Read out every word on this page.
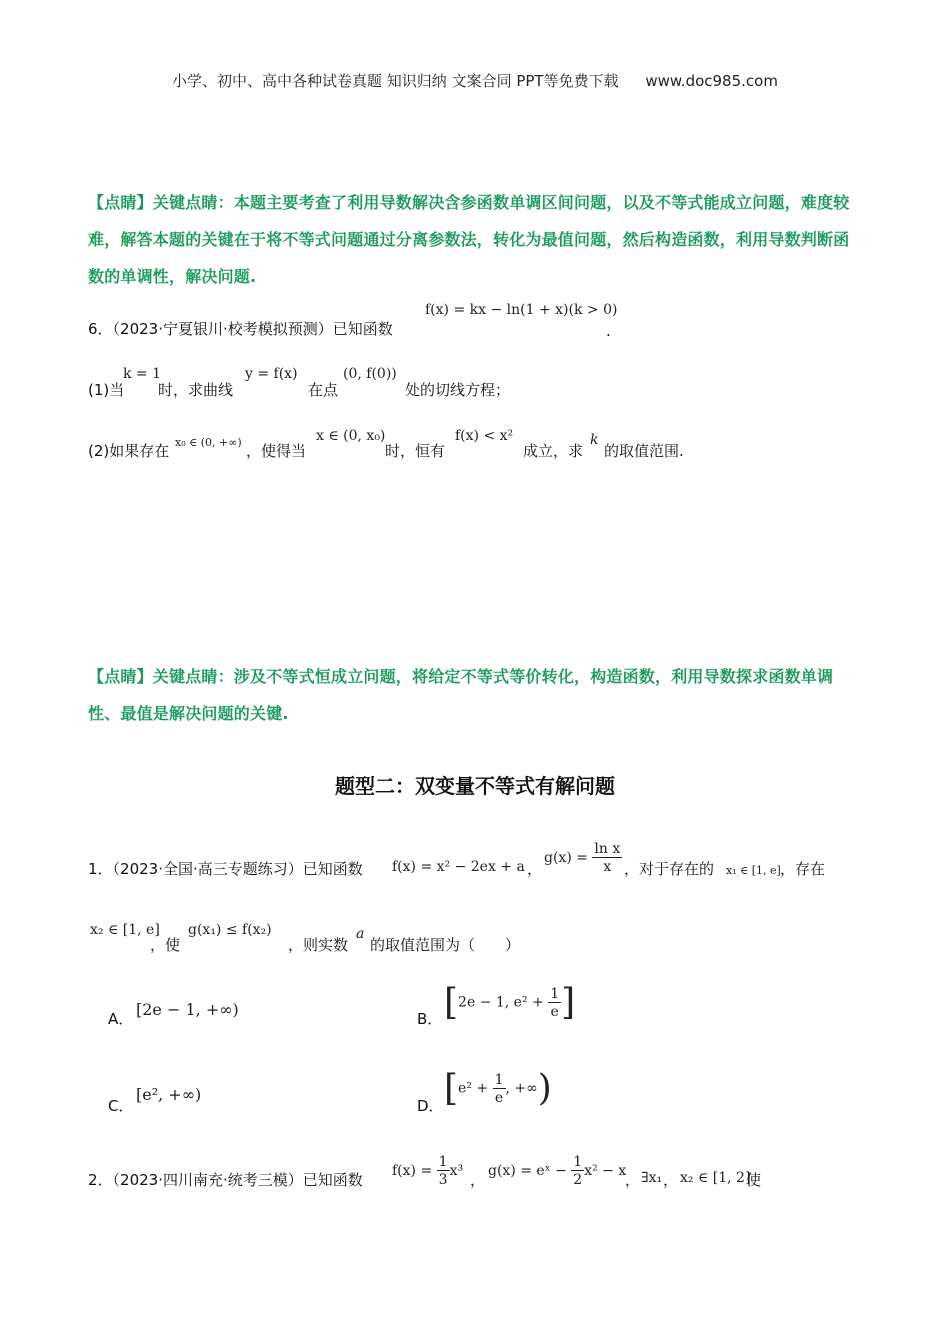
小学、初中、高中各种试卷真题 知识归纳 文案合同 PPT等免费下载 www.doc985.com
【点睛】关键点睛：本题主要考查了利用导数解决含参函数单调区间问题，以及不等式能成立问题，难度较难，解答本题的关键在于将不等式问题通过分离参数法，转化为最值问题，然后构造函数，利用导数判断函数的单调性，解决问题.
6．（2023·宁夏银川·校考模拟预测）已知函数
f(x) = kx − ln(1 + x)(k > 0)
.
(1)当
k = 1
时，求曲线
y = f(x)
在点
(0, f(0))
处的切线方程；
(2)如果存在 x₀ ∈ (0, +∞) ，使得当
x ∈ (0, x₀)
时，恒有
f(x) < x²
成立，求
k
的取值范围.
【点睛】关键点睛：涉及不等式恒成立问题，将给定不等式等价转化，构造函数，利用导数探求函数单调性、最值是解决问题的关键.
题型二：双变量不等式有解问题
1．（2023·全国·高三专题练习）已知函数 f(x) = x² − 2ex + a ，
$g(x) = \frac{\text{ln x}}{x}$ ，对于存在的 x₁ ∈ [1, e] ，存在
x₂ ∈ [1, e]
，使
g(x₁) ≤ f(x₂)
，则实数
a
的取值范围为（　　）
A． [2e − 1, +∞)	B． [2e − 1, $e^2 + \frac{1}{e}$ ]
C．
[e², +∞)
D． [$e^2 + \frac{1}{e}$ , +∞)
2．（2023·四川南充·统考三模）已知函数 $f(x) = \frac{1}{3} x^3$ ， g(x) = eˣ − $\frac{1}{2} x^2 - x$
， ∃x₁ ， x₂ ∈ [1, 2]
使
